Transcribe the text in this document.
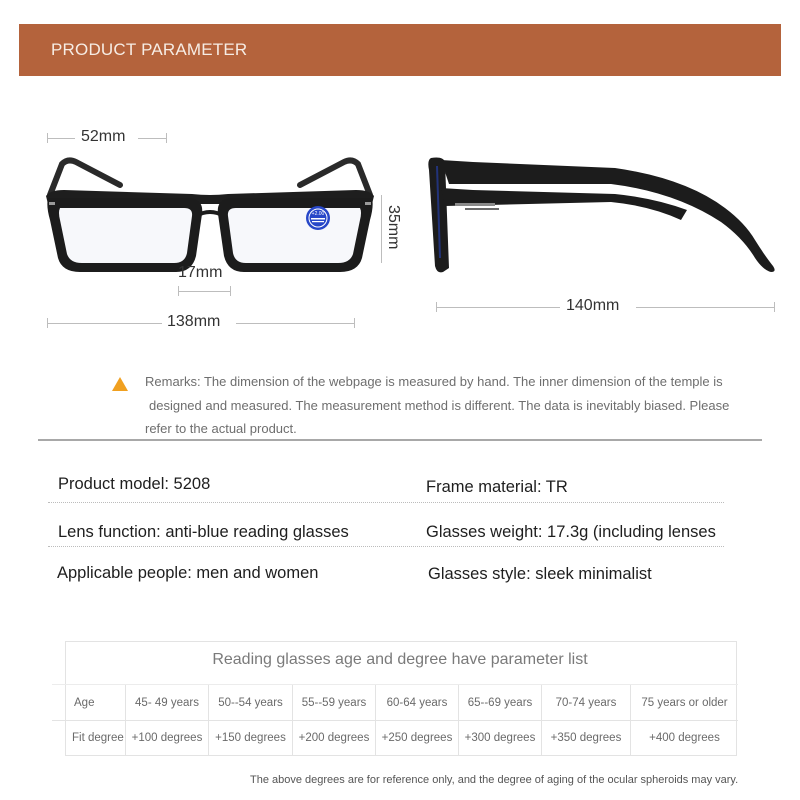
PRODUCT PARAMETER
+2.00
52mm
35mm
17mm
138mm
140mm
Remarks: The dimension of the webpage is measured by hand. The inner dimension of the temple is
designed and measured. The measurement method is different. The data is inevitably biased. Please
refer to the actual product.
Product model: 5208	Frame material: TR
Lens function: anti-blue reading glasses	Glasses weight: 17.3g (including lenses
Applicable people: men and women	Glasses style: sleek minimalist
Reading glasses age and degree have parameter list
Age	45- 49 years	50--54 years	55--59 years	60-64 years	65--69 years	70-74 years	75 years or older
Fit degree +100 degrees	+150 degrees	+200 degrees	+250 degrees	+300 degrees	+350 degrees	+400 degrees
The above degrees are for reference only, and the degree of aging of the ocular spheroids may vary.
